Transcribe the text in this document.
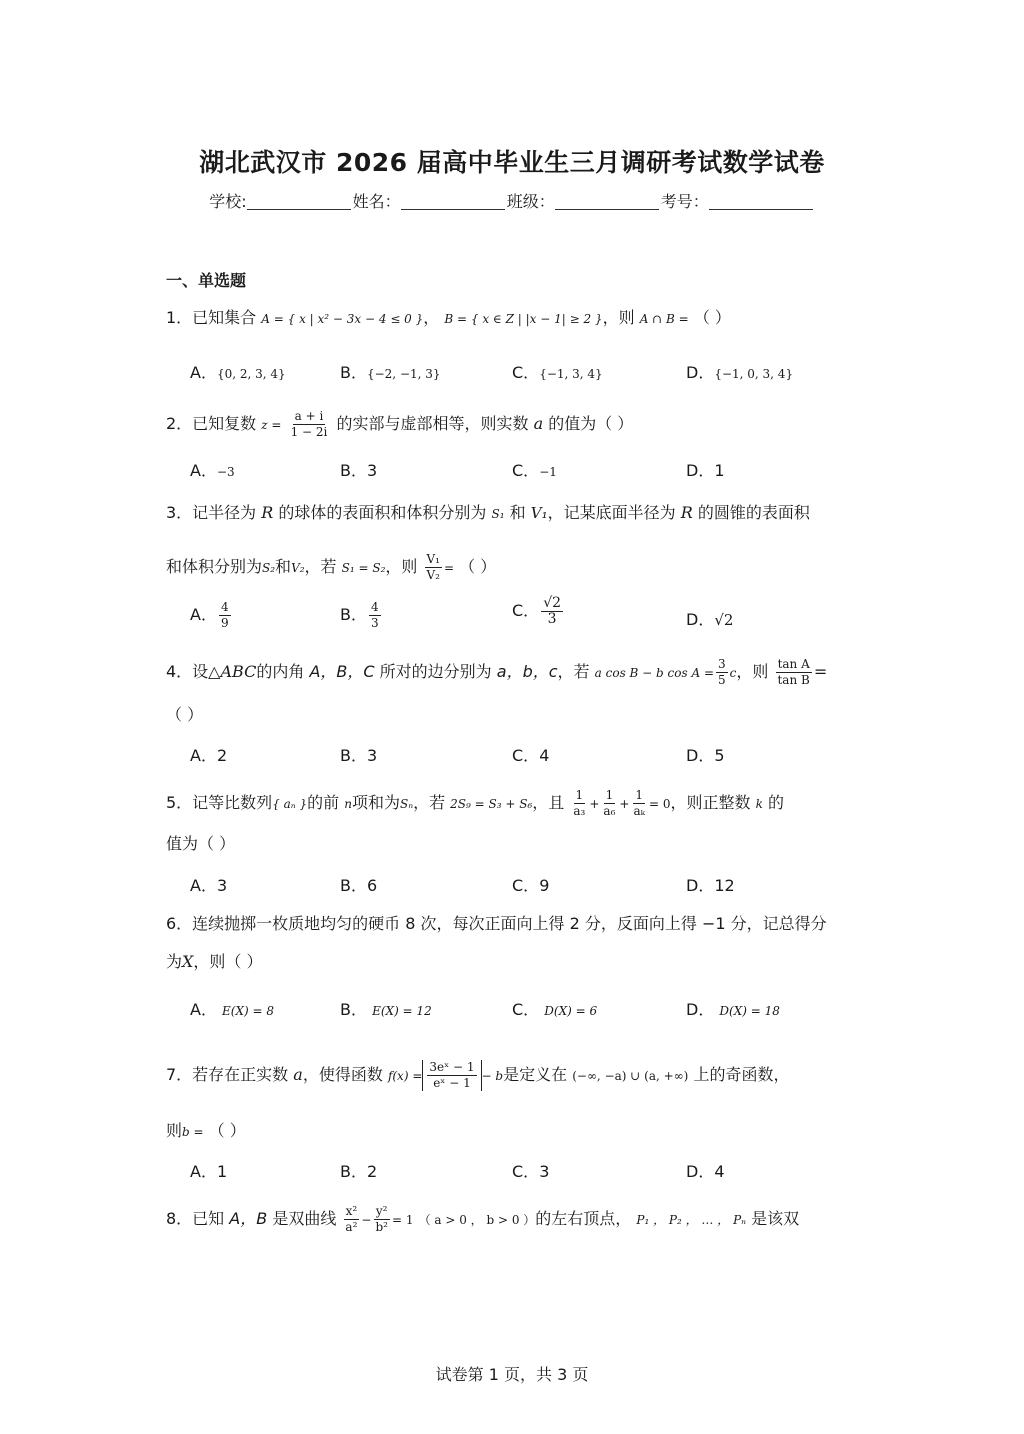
湖北武汉市 2026 届高中毕业生三月调研考试数学试卷
学校:	姓名：	班级：	考号：
一、单选题
1．已知集合 A = { x | x² − 3x − 4 ≤ 0 }， B = { x ∈ Z | |x − 1| ≥ 2 }，则 A ∩ B = （ ）
A．{0, 2, 3, 4}	B．{−2, −1, 3}	C．{−1, 3, 4}	D．{−1, 0, 3, 4}
2．已知复数 $z = \frac{a + i}{1 - 2i}$ 的实部与虚部相等，则实数 a 的值为（ ）
A．−3	B．3	C．−1	D．1
3．记半径为 R 的球体的表面积和体积分别为 S₁ 和 V₁，记某底面半径为 R 的圆锥的表面积
和体积分别为S₂和V₂，若 S₁ = S₂，则 $\frac{\text{V₁}}{\text{V₂}}$ = （ ）
A． $\frac{4}{9}$	B． $\frac{4}{3}$	C． $\frac{√2}{3}$	D．√2
4．设△ABC的内角 A，B，C 所对的边分别为 a，b，c，若 a cos B − b $\cos A = \frac{3}{5}$ c，则 $\frac{\text{tan A}}{\text{tan B}}$ =
（ ）
A．2	B．3	C．4	D．5
5．记等比数列{ aₙ }的前 n项和为Sₙ，若 2S₉ = S₃ + S₆，且 $\frac{1}{\text{a₃}} + \frac{1}{\text{a₆}} + \frac{1}{\text{aₖ}} = 0$，则正整数 k 的
值为（ ）
A．3	B．6	C．9	D．12
6．连续抛掷一枚质地均匀的硬币 8 次，每次正面向上得 2 分，反面向上得 −1 分，记总得分
为X，则（ ）
A． E(X) = 8	B． E(X) = 12	C． D(X) = 6	D． D(X) = 18
7．若存在正实数 a，使得函数 $f(x) = \frac{\text{3eˣ − 1}}{\text{eˣ − 1}} - b$是定义在 (−∞, −a) ∪ (a, +∞) 上的奇函数，
则b = （ ）
A．1	B．2	C．3	D．4
8．已知 A，B 是双曲线 $\frac{\text{x²}}{\text{a²}} - \frac{\text{y²}}{\text{b²}} = 1$ （ a > 0 ， b > 0 ）的左右顶点， P₁ ， P₂ ， … ， Pₙ 是该双
试卷第 1 页，共 3 页
